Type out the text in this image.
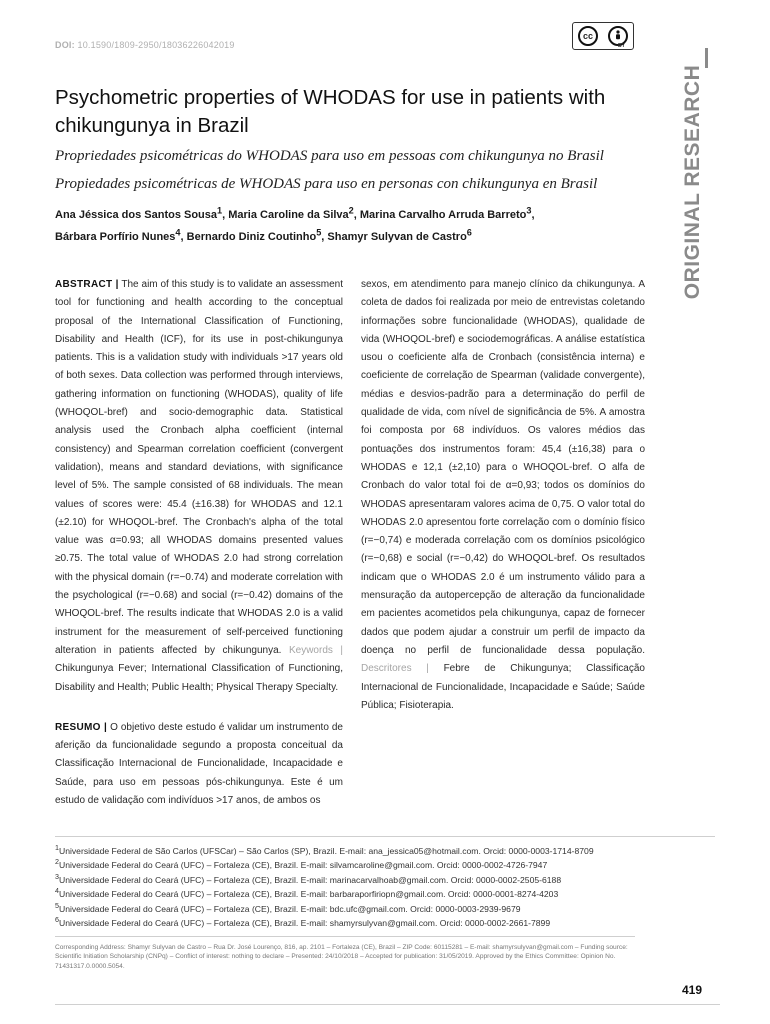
DOI: 10.1590/1809-2950/18036226042019
cc
BY
ORIGINAL RESEARCH
Psychometric properties of WHODAS for use in patients with chikungunya in Brazil
Propriedades psicométricas do WHODAS para uso em pessoas com chikungunya no Brasil
Propiedades psicométricas de WHODAS para uso en personas con chikungunya en Brasil
Ana Jéssica dos Santos Sousa$^1$, Maria Caroline da Silva$^2$, Marina Carvalho Arruda Barreto$^3$,
Bárbara Porfírio Nunes$^4$, Bernardo Diniz Coutinho$^5$, Shamyr Sulyvan de Castro$^6$
ABSTRACT | The aim of this study is to validate an assessment tool for functioning and health according to the conceptual proposal of the International Classification of Functioning, Disability and Health (ICF), for its use in post-chikungunya patients. This is a validation study with individuals >17 years old of both sexes. Data collection was performed through interviews, gathering information on functioning (WHODAS), quality of life (WHOQOL-bref) and socio-demographic data. Statistical analysis used the Cronbach alpha coefficient (internal consistency) and Spearman correlation coefficient (convergent validation), means and standard deviations, with significance level of 5%. The sample consisted of 68 individuals. The mean values of scores were: 45.4 (±16.38) for WHODAS and 12.1 (±2.10) for WHOQOL-bref. The Cronbach's alpha of the total value was α=0.93; all WHODAS domains presented values ≥0.75. The total value of WHODAS 2.0 had strong correlation with the physical domain (r=−0.74) and moderate correlation with the psychological (r=−0.68) and social (r=−0.42) domains of the WHOQOL-bref. The results indicate that WHODAS 2.0 is a valid instrument for the measurement of self-perceived functioning alteration in patients affected by chikungunya. Keywords | Chikungunya Fever; International Classification of Functioning, Disability and Health; Public Health; Physical Therapy Specialty.
RESUMO | O objetivo deste estudo é validar um instrumento de aferição da funcionalidade segundo a proposta conceitual da Classificação Internacional de Funcionalidade, Incapacidade e Saúde, para uso em pessoas pós-chikungunya. Este é um estudo de validação com indivíduos >17 anos, de ambos os
$^1$Universidade Federal de São Carlos (UFSCar) – São Carlos (SP), Brazil. E-mail: ana_jessica05@hotmail.com. Orcid: 0000-0003-1714-8709
$^2$Universidade Federal do Ceará (UFC) – Fortaleza (CE), Brazil. E-mail: silvamcaroline@gmail.com. Orcid: 0000-0002-4726-7947
$^3$Universidade Federal do Ceará (UFC) – Fortaleza (CE), Brazil. E-mail: marinacarvalhoab@gmail.com. Orcid: 0000-0002-2505-6188
$^4$Universidade Federal do Ceará (UFC) – Fortaleza (CE), Brazil. E-mail: barbaraporfiriopn@gmail.com. Orcid: 0000-0001-8274-4203
$^5$Universidade Federal do Ceará (UFC) – Fortaleza (CE), Brazil. E-mail: bdc.ufc@gmail.com. Orcid: 0000-0003-2939-9679
$^6$Universidade Federal do Ceará (UFC) – Fortaleza (CE), Brazil. E-mail: shamyrsulyvan@gmail.com. Orcid: 0000-0002-2661-7899
Corresponding Address: Shamyr Sulyvan de Castro – Rua Dr. José Lourenço, 816, ap. 2101 – Fortaleza (CE), Brazil – ZIP Code: 60115281 – E-mail: shamyrsulyvan@gmail.com – Funding source: Scientific Initiation Scholarship (CNPq) – Conflict of interest: nothing to declare – Presented: 24/10/2018 – Accepted for publication: 31/05/2019. Approved by the Ethics Committee: Opinion No. 71431317.0.0000.5054.
419
sexos, em atendimento para manejo clínico da chikungunya. A coleta de dados foi realizada por meio de entrevistas coletando informações sobre funcionalidade (WHODAS), qualidade de vida (WHOQOL-bref) e sociodemográficas. A análise estatística usou o coeficiente alfa de Cronbach (consistência interna) e coeficiente de correlação de Spearman (validade convergente), médias e desvios-padrão para a determinação do perfil de qualidade de vida, com nível de significância de 5%. A amostra foi composta por 68 indivíduos. Os valores médios das pontuações dos instrumentos foram: 45,4 (±16,38) para o WHODAS e 12,1 (±2,10) para o WHOQOL-bref. O alfa de Cronbach do valor total foi de α=0,93; todos os domínios do WHODAS apresentaram valores acima de 0,75. O valor total do WHODAS 2.0 apresentou forte correlação com o domínio físico (r=−0,74) e moderada correlação com os domínios psicológico (r=−0,68) e social (r=−0,42) do WHOQOL-bref. Os resultados indicam que o WHODAS 2.0 é um instrumento válido para a mensuração da autopercepção de alteração da funcionalidade em pacientes acometidos pela chikungunya, capaz de fornecer dados que podem ajudar a construir um perfil de impacto da doença no perfil de funcionalidade dessa população. Descritores | Febre de Chikungunya; Classificação Internacional de Funcionalidade, Incapacidade e Saúde; Saúde Pública; Fisioterapia.
